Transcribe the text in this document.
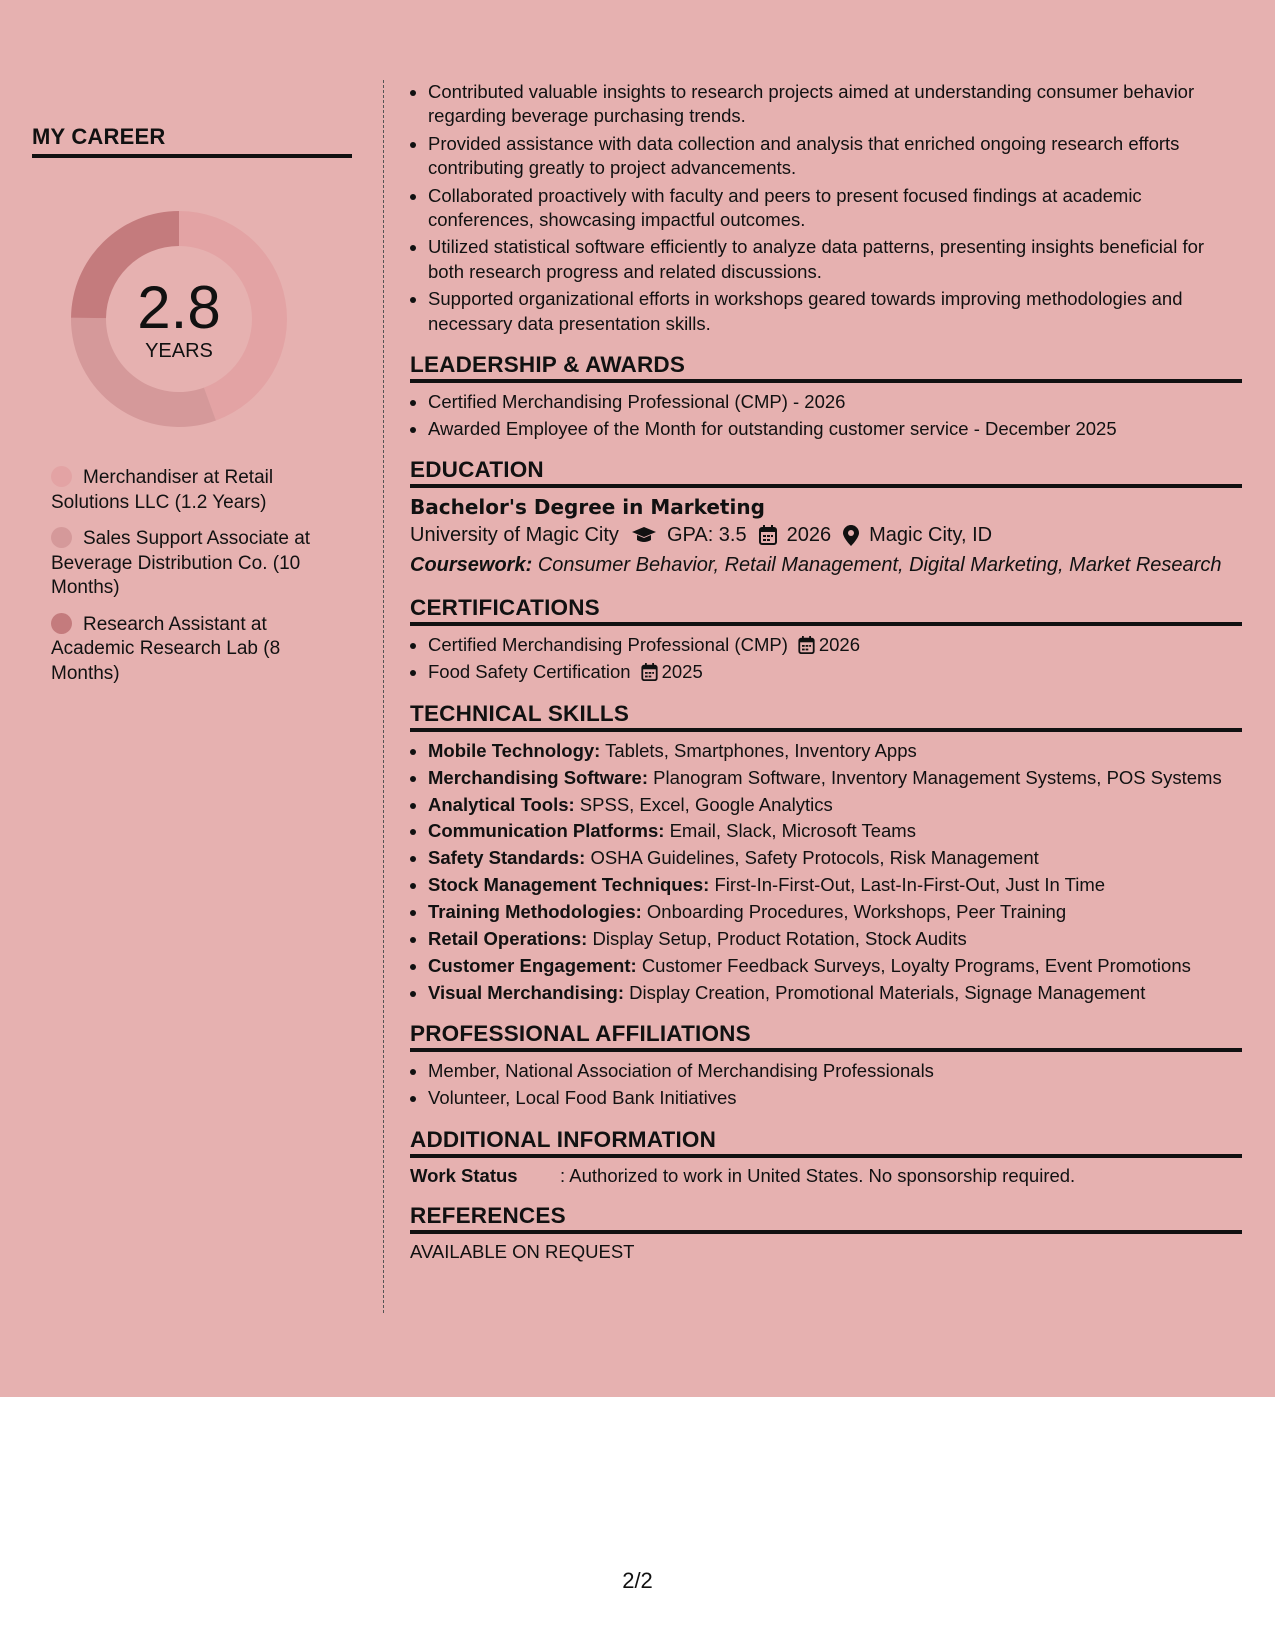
MY CAREER
2.8
YEARS
Merchandiser at Retail Solutions LLC (1.2 Years)
Sales Support Associate at Beverage Distribution Co. (10 Months)
Research Assistant at Academic Research Lab (8 Months)
• Contributed valuable insights to research projects aimed at understanding consumer behavior regarding beverage purchasing trends.
• Provided assistance with data collection and analysis that enriched ongoing research efforts contributing greatly to project advancements.
• Collaborated proactively with faculty and peers to present focused findings at academic conferences, showcasing impactful outcomes.
• Utilized statistical software efficiently to analyze data patterns, presenting insights beneficial for both research progress and related discussions.
• Supported organizational efforts in workshops geared towards improving methodologies and necessary data presentation skills.
LEADERSHIP & AWARDS
• Certified Merchandising Professional (CMP) - 2026
• Awarded Employee of the Month for outstanding customer service - December 2025
EDUCATION
Bachelor's Degree in Marketing
University of Magic City GPA: 3.5 2026 Magic City, ID
Coursework: Consumer Behavior, Retail Management, Digital Marketing, Market Research
CERTIFICATIONS
• Certified Merchandising Professional (CMP) 2026
• Food Safety Certification 2025
TECHNICAL SKILLS
• Mobile Technology: Tablets, Smartphones, Inventory Apps
• Merchandising Software: Planogram Software, Inventory Management Systems, POS Systems
• Analytical Tools: SPSS, Excel, Google Analytics
• Communication Platforms: Email, Slack, Microsoft Teams
• Safety Standards: OSHA Guidelines, Safety Protocols, Risk Management
• Stock Management Techniques: First-In-First-Out, Last-In-First-Out, Just In Time
• Training Methodologies: Onboarding Procedures, Workshops, Peer Training
• Retail Operations: Display Setup, Product Rotation, Stock Audits
• Customer Engagement: Customer Feedback Surveys, Loyalty Programs, Event Promotions
• Visual Merchandising: Display Creation, Promotional Materials, Signage Management
PROFESSIONAL AFFILIATIONS
• Member, National Association of Merchandising Professionals
• Volunteer, Local Food Bank Initiatives
ADDITIONAL INFORMATION
Work Status	: Authorized to work in United States. No sponsorship required.
REFERENCES
AVAILABLE ON REQUEST
2/2
